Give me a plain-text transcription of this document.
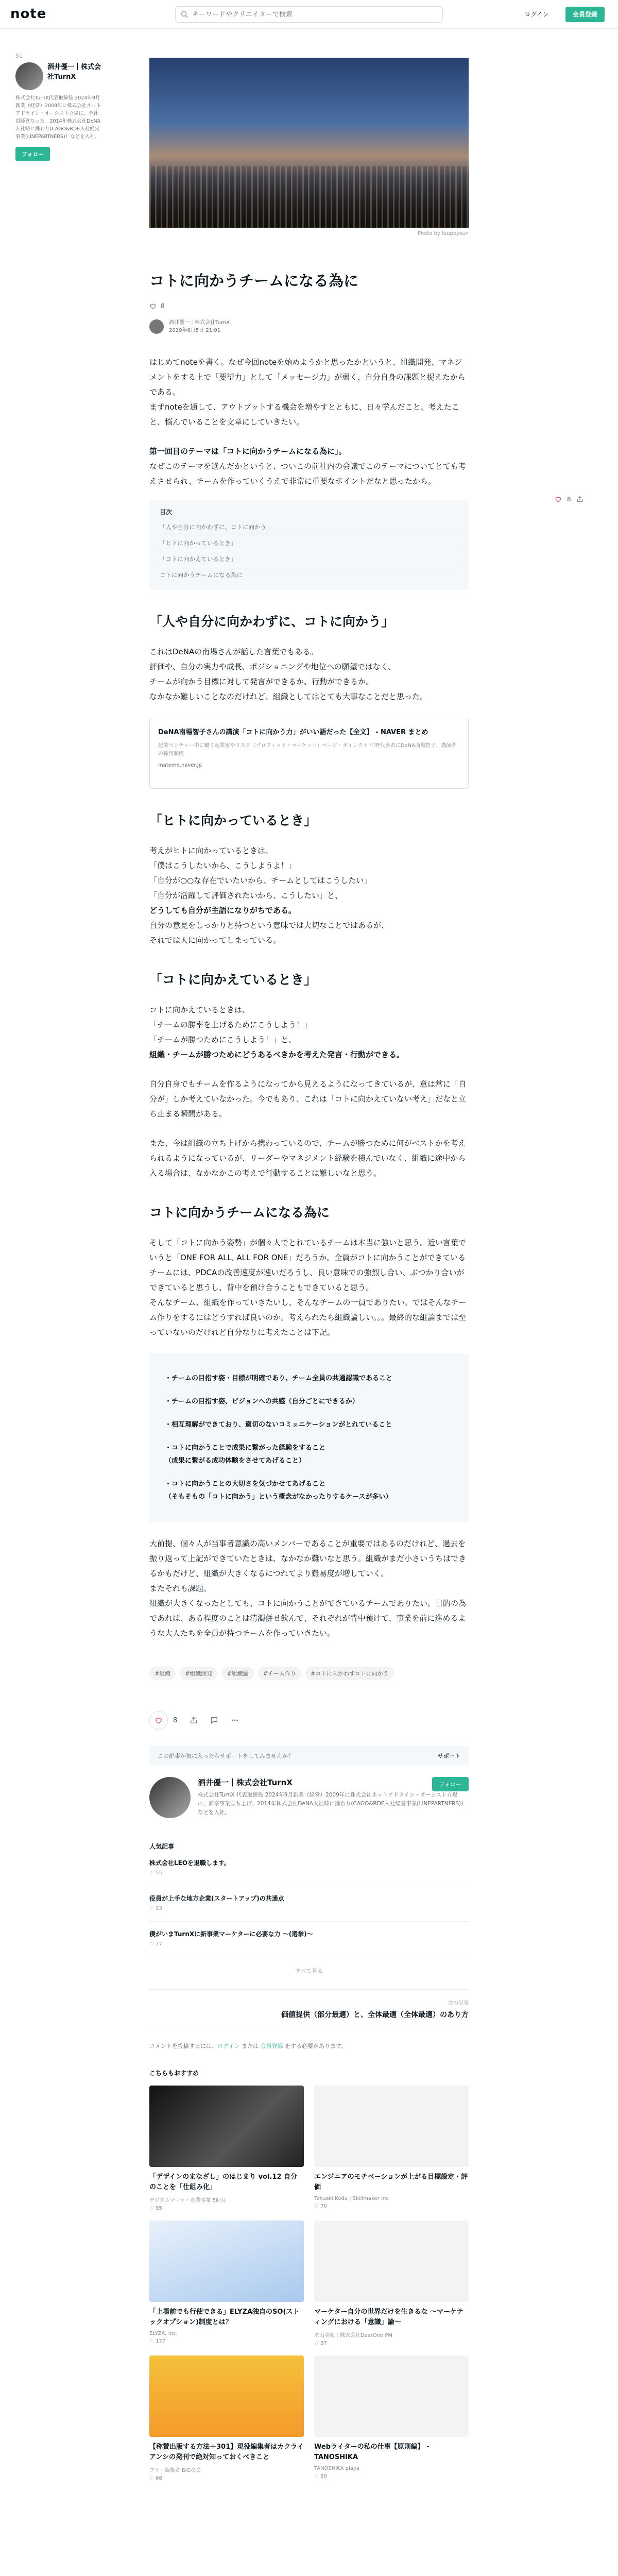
note
キーワードやクリエイターで検索	ログイン	会員登録
51
酒井優一｜株式会社TurnX
株式会社TurnX代表取締役 2024年9月創業（経営）2009年に株式会社ネットアドライン・オーシスト立場に、全社員経営なった。2014年株式会社DeNA入社時に携わり(CAGO&RDE入社経営事業(LINEPARTNERS)）などを入社。
フォロー
8
Photo by tsuppysun
コトに向かうチームになる為に
8
酒井優一｜株式会社TurnX
2019年6月5日 21:01

はじめてnoteを書く。なぜ今回noteを始めようかと思ったかというと、組織開発、マネジメントをする上で「要望力」として「メッセージ力」が弱く、自分自身の課題と捉えたからである。

まずnoteを通して、アウトプットする機会を増やすとともに、日々学んだこと、考えたこと、悩んでいることを文章にしていきたい。

第一回目のテーマは「コトに向かうチームになる為に」。

なぜこのテーマを選んだかというと、ついこの前社内の会議でこのテーマについてとても考えさせられ、チームを作っていくうえで非常に重要なポイントだなと思ったから。

目次
「人や自分に向かわずに、コトに向かう」
「ヒトに向かっているとき」
「コトに向かえているとき」
コトに向かうチームになる為に
「人や自分に向かわずに、コトに向かう」

これはDeNAの南場さんが話した言葉でもある。
評価や、自分の実力や成長、ポジショニングや地位への願望ではなく、
チームが向かう目標に対して発言ができるか、行動ができるか。
なかなか難しいことなのだけれど、組織としてはとても大事なことだと思った。

DeNA南場智子さんの講演「コトに向かう力」がいい語だった【全文】 - NAVER まとめ
起業ベンチャー中に働く起業家やリスク（プロフィット・マーケット）ページ・ダイレクト 中野代表者にDeNA南場智子、講演者の採用制度
matome.naver.jp
「ヒトに向かっているとき」

考えがヒトに向かっているときは、
「僕はこうしたいから、こうしようよ！」
「自分が○○な存在でいたいから、チームとしてはこうしたい」
「自分が活躍して評価されたいから、こうしたい」と、
どうしても自分が主語になりがちである。
自分の意見をしっかりと持つという意味では大切なことではあるが、
それでは人に向かってしまっている。

「コトに向かえているとき」

コトに向かえているときは、
「チームの勝率を上げるためにこうしよう！」
「チームが勝つためにこうしよう！」と、
組織・チームが勝つためにどうあるべきかを考えた発言・行動ができる。

自分自身でもチームを作るようになってから見えるようになってきているが、意は常に「自分が」しか考えていなかった。今でもあり、これは「コトに向かえていない考え」だなと立ち止まる瞬間がある。

また、今は組織の立ち上げから携わっているので、チームが勝つために何がベストかを考えられるようになっているが、リーダーやマネジメント経験を積んでいなく、組織に途中から入る場合は、なかなかこの考えで行動することは難しいなと思う。

コトに向かうチームになる為に

そして「コトに向かう姿勢」が個々人でとれているチームは本当に強いと思う。近い言葉でいうと「ONE FOR ALL, ALL FOR ONE」だろうか。全員がコトに向かうことができているチームには、PDCAの改善速度が速いだろうし、良い意味での強烈し合い、ぶつかり合いができていると思うし、背中を預け合うこともできていると思う。

そんなチーム、組織を作っていきたいし、そんなチームの一員でありたい。ではそんなチーム作りをするにはどうすれば良いのか。考えられたら組織論しい。。。最終的な組論までは至っていないのだけれど自分なりに考えたことは下記。

・チームの目指す姿・目標が明確であり、チーム全員の共通認識であること
・チームの目指す姿、ビジョンへの共感（自分ごとにできるか）
・相互理解ができており、適切のないコミュニケーションがとれていること
・コトに向かうことで成果に繋がった経験をすること
（成果に繋がる成功体験をさせてあげること）
・コトに向かうことの大切さを気づかせてあげること
（そもそもの「コトに向かう」という概念がなかったりするケースが多い）

大前提、個々人が当事者意識の高いメンバーであることが重要ではあるのだけれど、過去を振り返って上記ができていたときは、なかなか難いなと思う。組織がまだ小さいうちはできるかもだけど、組織が大きくなるにつれてより難易度が増していく。

またそれも課題。

組織が大きくなったとしても、コトに向かうことができているチームでありたい。目的の為であれば、ある程度のことは清濁併せ飲んで、それぞれが背中預けて、事業を前に進めるような大人たちを全員が持つチームを作っていきたい。

#組織	#組織開発	#組織論	#チーム作り	#コトに向かわずコトに向かう
8
この記事が気に入ったらサポートをしてみませんか？	サポート
酒井優一｜株式会社TurnX
株式会社TurnX 代表取締役 2024年9月創業（経営）2009年に株式会社ネットアドライン・オーシスト立場に、新卒事業立ち上げ、2014年株式会社DeNA入社時に携わり(CAGO&RDE入社経営事業(LINEPARTNERS)）などを入社。
フォロー
人気記事
株式会社LEOを退職します。
♡ 55
役員が上手な地方企業(スタートアップ)の共通点
♡ 23
僕がいまTurnXに新事業マーケターに必要な力 〜(選挙)〜
♡ 27
すべて見る
次の記事
価値提供（部分最適）と、全体最適（全体最適）のあり方
コメントを投稿するには、ログイン または 会員登録 をする必要があります。
こちらもおすすめ
「デザインのまなざし」のはじまり vol.12 自分のことを「仕組み化」
デジタルマーケ・産業事業 5回目
♡ 95
エンジニアのモチベーションが上がる目標設定・評価
Takuaki Koda | Skillmaker Inc
♡ 70
「上場前でも行使できる」ELYZA独自のSO(ストックオプション)制度とは？
ELYZA, Inc.
♡ 177
マーケター自分の世界だけを生きるな 〜マーケティングにおける「意識」論〜
木山美紀 | 株式会社DearOne PM
♡ 37
【称賛出版する方法＋301】現役編集者はカクライアンシの発刊で絶対知っておくべきこと
フリー編集者 BIGの会
♡ 68
Webライターの私の仕事【原則編】 - TANOSHIKA
TANOSHIKA playa
♡ 80
